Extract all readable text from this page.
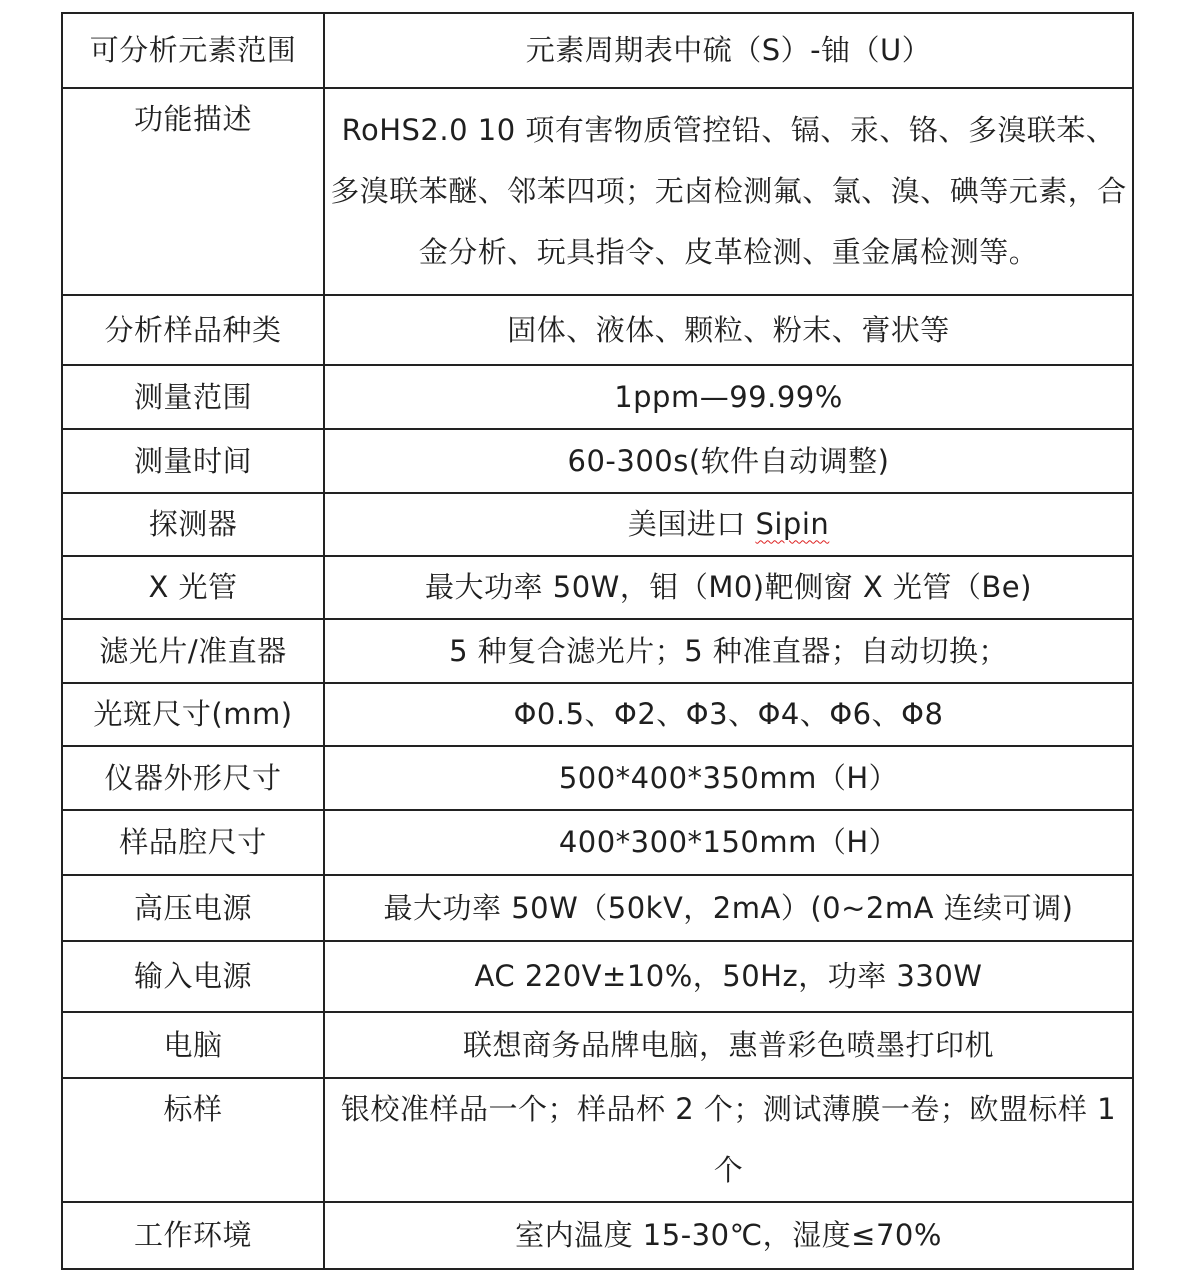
可分析元素范围	元素周期表中硫（S）-铀（U）
功能描述	RoHS2.0 10 项有害物质管控铅、镉、汞、铬、多溴联苯、多溴联苯醚、邻苯四项；无卤检测氟、氯、溴、碘等元素，合金分析、玩具指令、皮革检测、重金属检测等。
分析样品种类	固体、液体、颗粒、粉末、膏状等
测量范围	1ppm—99.99%
测量时间	60-300s(软件自动调整)
探测器	美国进口 Sipin
X 光管	最大功率 50W，钼（M0)靶侧窗 X 光管（Be)
滤光片/准直器	5 种复合滤光片；5 种准直器；自动切换；
光斑尺寸(mm)	Φ0.5、Φ2、Φ3、Φ4、Φ6、Φ8
仪器外形尺寸	500*400*350mm（H）
样品腔尺寸	400*300*150mm（H）
高压电源	最大功率 50W（50kV，2mA）(0~2mA 连续可调)
输入电源	AC 220V±10%，50Hz，功率 330W
电脑	联想商务品牌电脑，惠普彩色喷墨打印机
标样	银校准样品一个；样品杯 2 个；测试薄膜一卷；欧盟标样 1 个
工作环境	室内温度 15-30℃，湿度≤70%
